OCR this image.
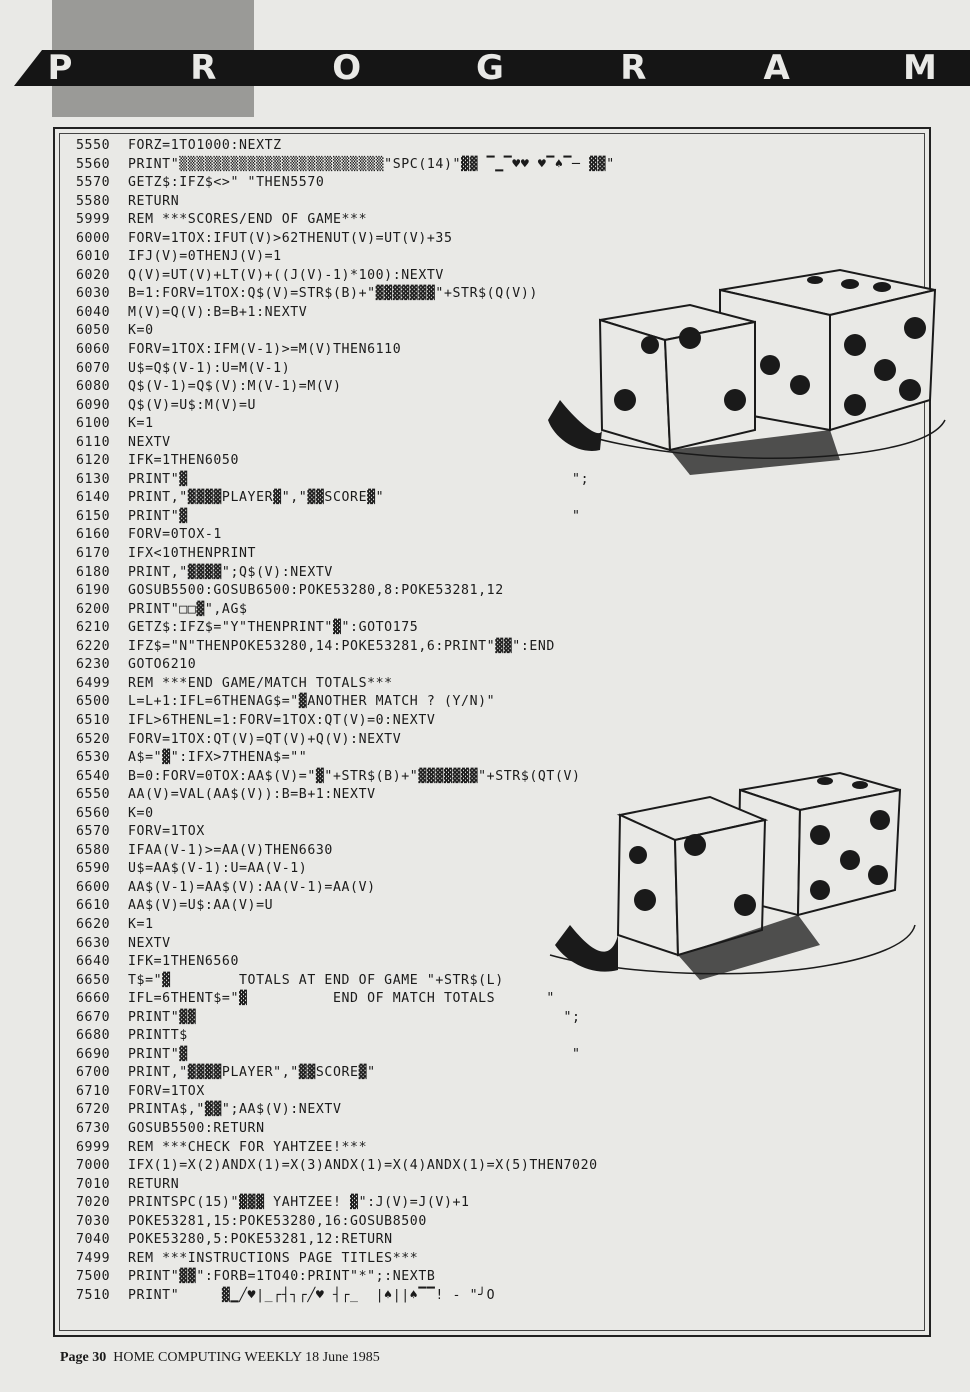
P	R	O	G	R	A	M
5550 FORZ=1TO1000:NEXTZ
5560 PRINT"▒▒▒▒▒▒▒▒▒▒▒▒▒▒▒▒▒▒▒▒▒▒▒▒"SPC(14)"▓▓ ▔▁▔♥♥ ♥▔♠▔─ ▓▓"
5570 GETZ$:IFZ$<>" "THEN5570
5580 RETURN
5999 REM ***SCORES/END OF GAME***
6000 FORV=1TOX:IFUT(V)>62THENUT(V)=UT(V)+35
6010 IFJ(V)=0THENJ(V)=1
6020 Q(V)=UT(V)+LT(V)+((J(V)-1)*100):NEXTV
6030 B=1:FORV=1TOX:Q$(V)=STR$(B)+"▓▓▓▓▓▓▓"+STR$(Q(V))
6040 M(V)=Q(V):B=B+1:NEXTV
6050 K=0
6060 FORV=1TOX:IFM(V-1)>=M(V)THEN6110
6070 U$=Q$(V-1):U=M(V-1)
6080 Q$(V-1)=Q$(V):M(V-1)=M(V)
6090 Q$(V)=U$:M(V)=U
6100 K=1
6110 NEXTV
6120 IFK=1THEN6050
6130 PRINT"▓                                             ";
6140 PRINT,"▓▓▓▓PLAYER▓","▓▓SCORE▓"
6150 PRINT"▓                                             "
6160 FORV=0TOX-1
6170 IFX<10THENPRINT
6180 PRINT,"▓▓▓▓";Q$(V):NEXTV
6190 GOSUB5500:GOSUB6500:POKE53280,8:POKE53281,12
6200 PRINT"□□▓",AG$
6210 GETZ$:IFZ$="Y"THENPRINT"▓":GOTO175
6220 IFZ$="N"THENPOKE53280,14:POKE53281,6:PRINT"▓▓":END
6230 GOTO6210
6499 REM ***END GAME/MATCH TOTALS***
6500 L=L+1:IFL=6THENAG$="▓ANOTHER MATCH ? (Y/N)"
6510 IFL>6THENL=1:FORV=1TOX:QT(V)=0:NEXTV
6520 FORV=1TOX:QT(V)=QT(V)+Q(V):NEXTV
6530 A$="▓":IFX>7THENA$=""
6540 B=0:FORV=0TOX:AA$(V)="▓"+STR$(B)+"▓▓▓▓▓▓▓"+STR$(QT(V)
6550 AA(V)=VAL(AA$(V)):B=B+1:NEXTV
6560 K=0
6570 FORV=1TOX
6580 IFAA(V-1)>=AA(V)THEN6630
6590 U$=AA$(V-1):U=AA(V-1)
6600 AA$(V-1)=AA$(V):AA(V-1)=AA(V)
6610 AA$(V)=U$:AA(V)=U
6620 K=1
6630 NEXTV
6640 IFK=1THEN6560
6650 T$="▓        TOTALS AT END OF GAME "+STR$(L)
6660 IFL=6THENT$="▓          END OF MATCH TOTALS      "
6670 PRINT"▓▓                                           ";
6680 PRINTT$
6690 PRINT"▓                                             "
6700 PRINT,"▓▓▓▓PLAYER","▓▓SCORE▓"
6710 FORV=1TOX
6720 PRINTA$,"▓▓";AA$(V):NEXTV
6730 GOSUB5500:RETURN
6999 REM ***CHECK FOR YAHTZEE!***
7000 IFX(1)=X(2)ANDX(1)=X(3)ANDX(1)=X(4)ANDX(1)=X(5)THEN7020
7010 RETURN
7020 PRINTSPC(15)"▓▓▓ YAHTZEE! ▓":J(V)=J(V)+1
7030 POKE53281,15:POKE53280,16:GOSUB8500
7040 POKE53280,5:POKE53281,12:RETURN
7499 REM ***INSTRUCTIONS PAGE TITLES***
7500 PRINT"▓▓":FORB=1TO40:PRINT"*";:NEXTB
7510 PRINT"     ▓▁╱♥|_┌┤┐┌╱♥ ┤┌_  |♠||♠▔▔! - "╯O
Page 30 HOME COMPUTING WEEKLY 18 June 1985
